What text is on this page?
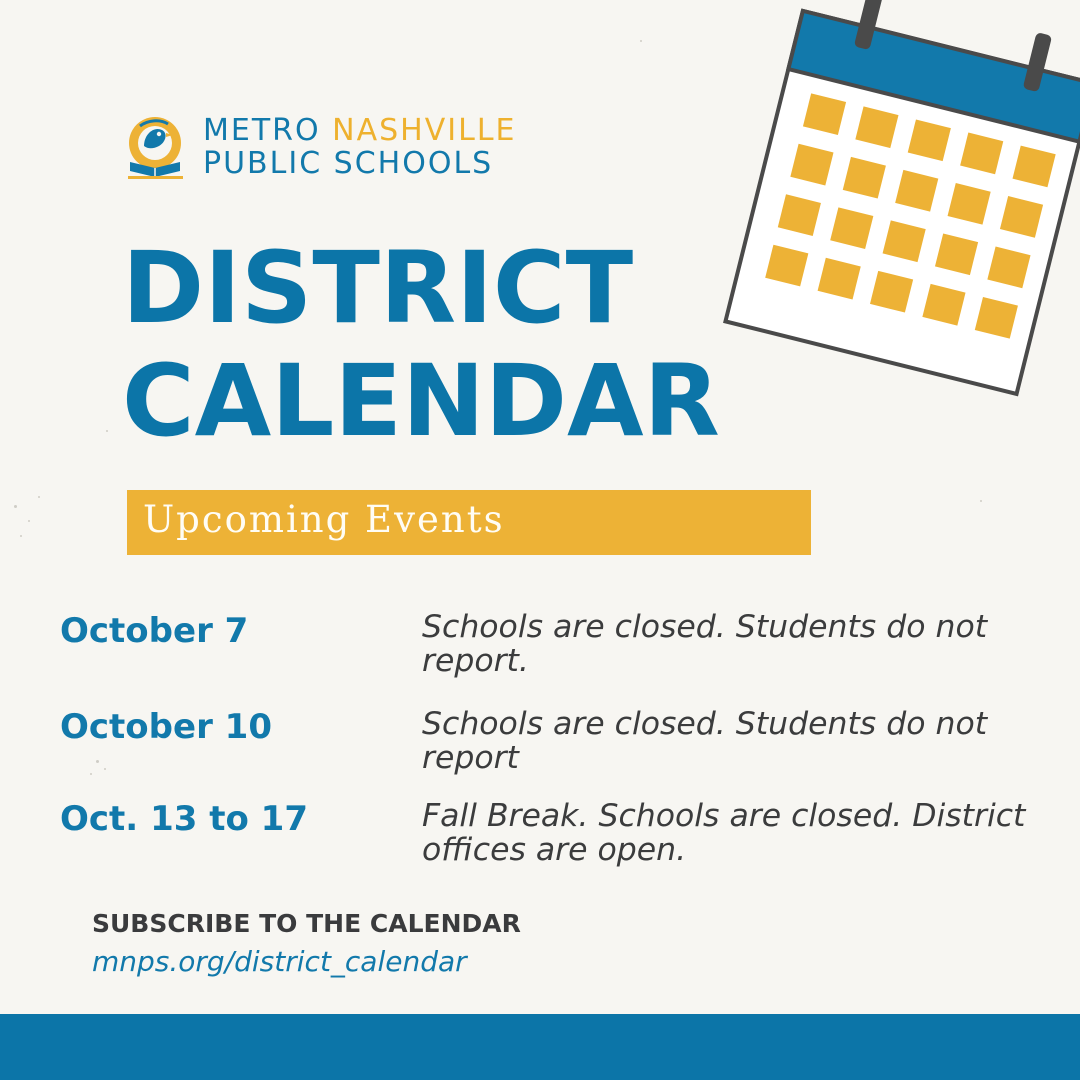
METRO NASHVILLE
PUBLIC SCHOOLS
DISTRICT
CALENDAR
Upcoming Events
October 7	Schools are closed. Students do not report.
October 10	Schools are closed. Students do not report
Oct. 13 to 17	Fall Break. Schools are closed. District offices are open.
SUBSCRIBE TO THE CALENDAR
mnps.org/district_calendar
